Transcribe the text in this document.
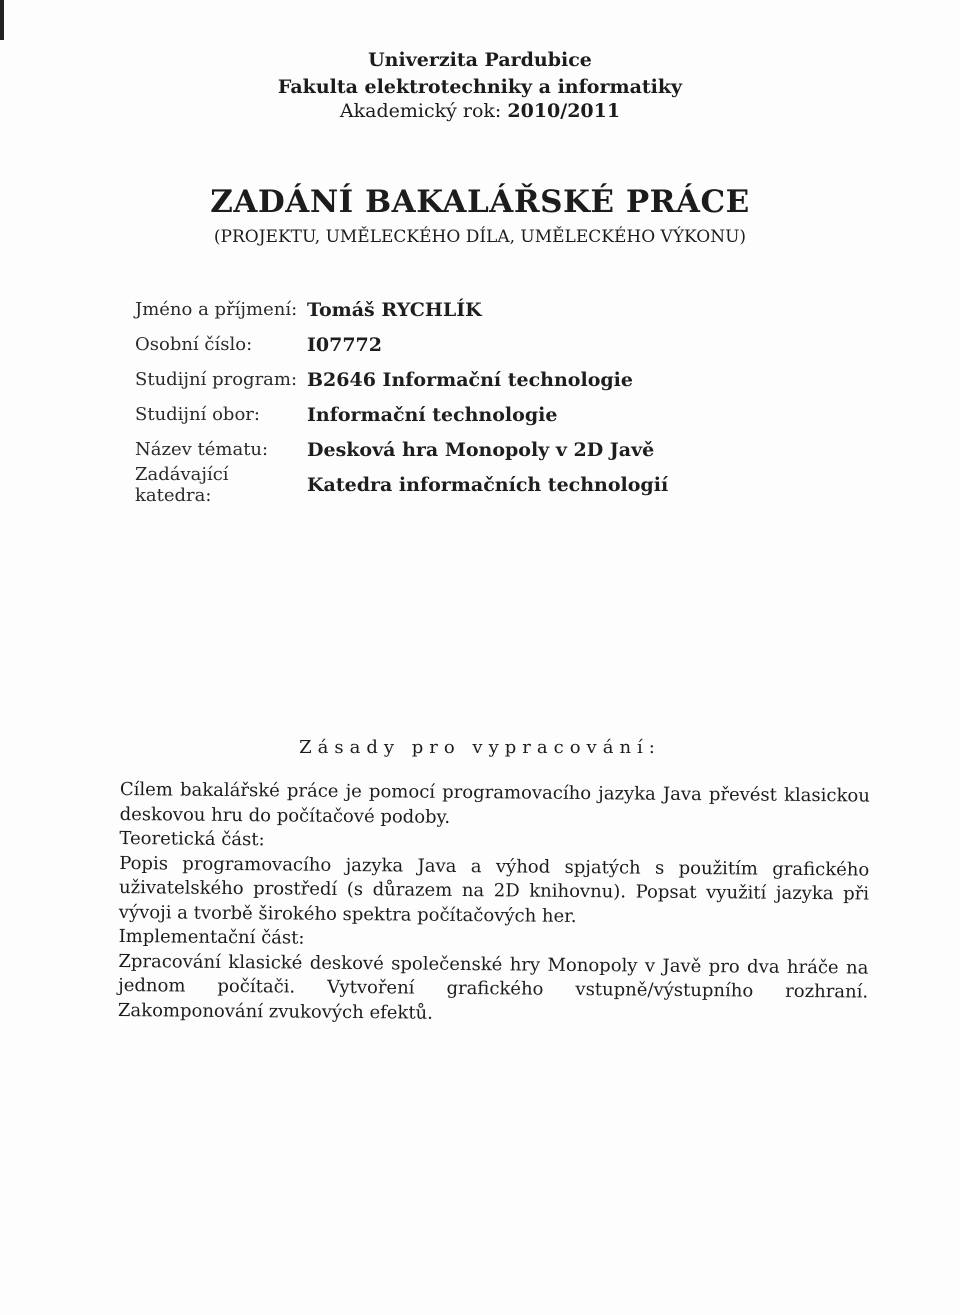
Univerzita Pardubice
Fakulta elektrotechniky a informatiky
Akademický rok: 2010/2011
ZADÁNÍ BAKALÁŘSKÉ PRÁCE
(PROJEKTU, UMĚLECKÉHO DÍLA, UMĚLECKÉHO VÝKONU)
Jméno a příjmení: Tomáš RYCHLÍK
Osobní číslo:	I07772
Studijní program: B2646 Informační technologie
Studijní obor:	Informační technologie
Název tématu:	Desková hra Monopoly v 2D Javě
Zadávající katedra:	Katedra informačních technologií
Zásady pro vypracování:

Cílem bakalářské práce je pomocí programovacího jazyka Java převést klasickou deskovou hru do počítačové podoby.

Teoretická část:

Popis programovacího jazyka Java a výhod spjatých s použitím grafického uživatelského prostředí (s důrazem na 2D knihovnu). Popsat využití jazyka při vývoji a tvorbě širokého spektra počítačových her.

Implementační část:

Zpracování klasické deskové společenské hry Monopoly v Javě pro dva hráče na jednom počítači. Vytvoření grafického vstupně/výstupního rozhraní. Zakomponování zvukových efektů.
